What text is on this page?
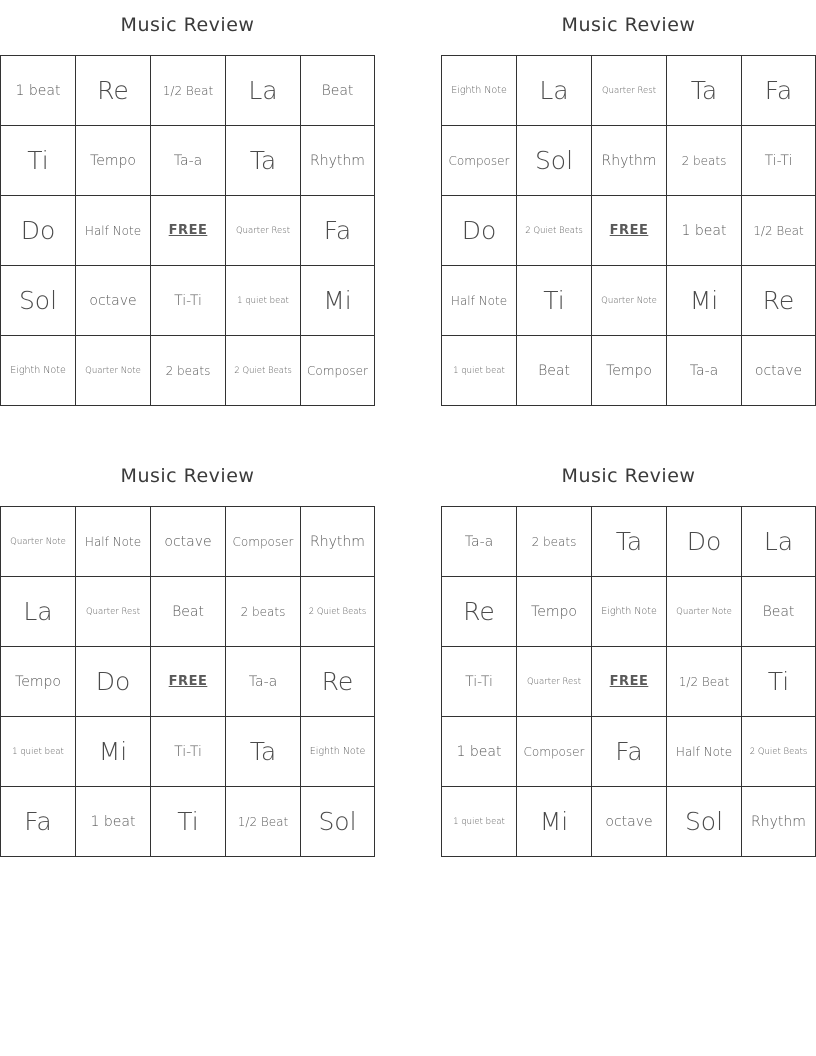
Music Review
1 beat	Re	1/2 Beat	La	Beat
Ti	Tempo	Ta-a	Ta	Rhythm
Do	Half Note	FREE	Quarter Rest	Fa
Sol	octave	Ti-Ti	1 quiet beat	Mi
Eighth Note	Quarter Note	2 beats	2 Quiet Beats	Composer
Music Review
Eighth Note	La	Quarter Rest	Ta	Fa
Composer	Sol	Rhythm	2 beats	Ti-Ti
Do	2 Quiet Beats	FREE	1 beat	1/2 Beat
Half Note	Ti	Quarter Note	Mi	Re
1 quiet beat	Beat	Tempo	Ta-a	octave
Music Review
Quarter Note	Half Note	octave	Composer	Rhythm
La	Quarter Rest	Beat	2 beats	2 Quiet Beats
Tempo	Do	FREE	Ta-a	Re
1 quiet beat	Mi	Ti-Ti	Ta	Eighth Note
Fa	1 beat	Ti	1/2 Beat	Sol
Music Review
Ta-a	2 beats	Ta	Do	La
Re	Tempo	Eighth Note	Quarter Note	Beat
Ti-Ti	Quarter Rest	FREE	1/2 Beat	Ti
1 beat	Composer	Fa	Half Note	2 Quiet Beats
1 quiet beat	Mi	octave	Sol	Rhythm
